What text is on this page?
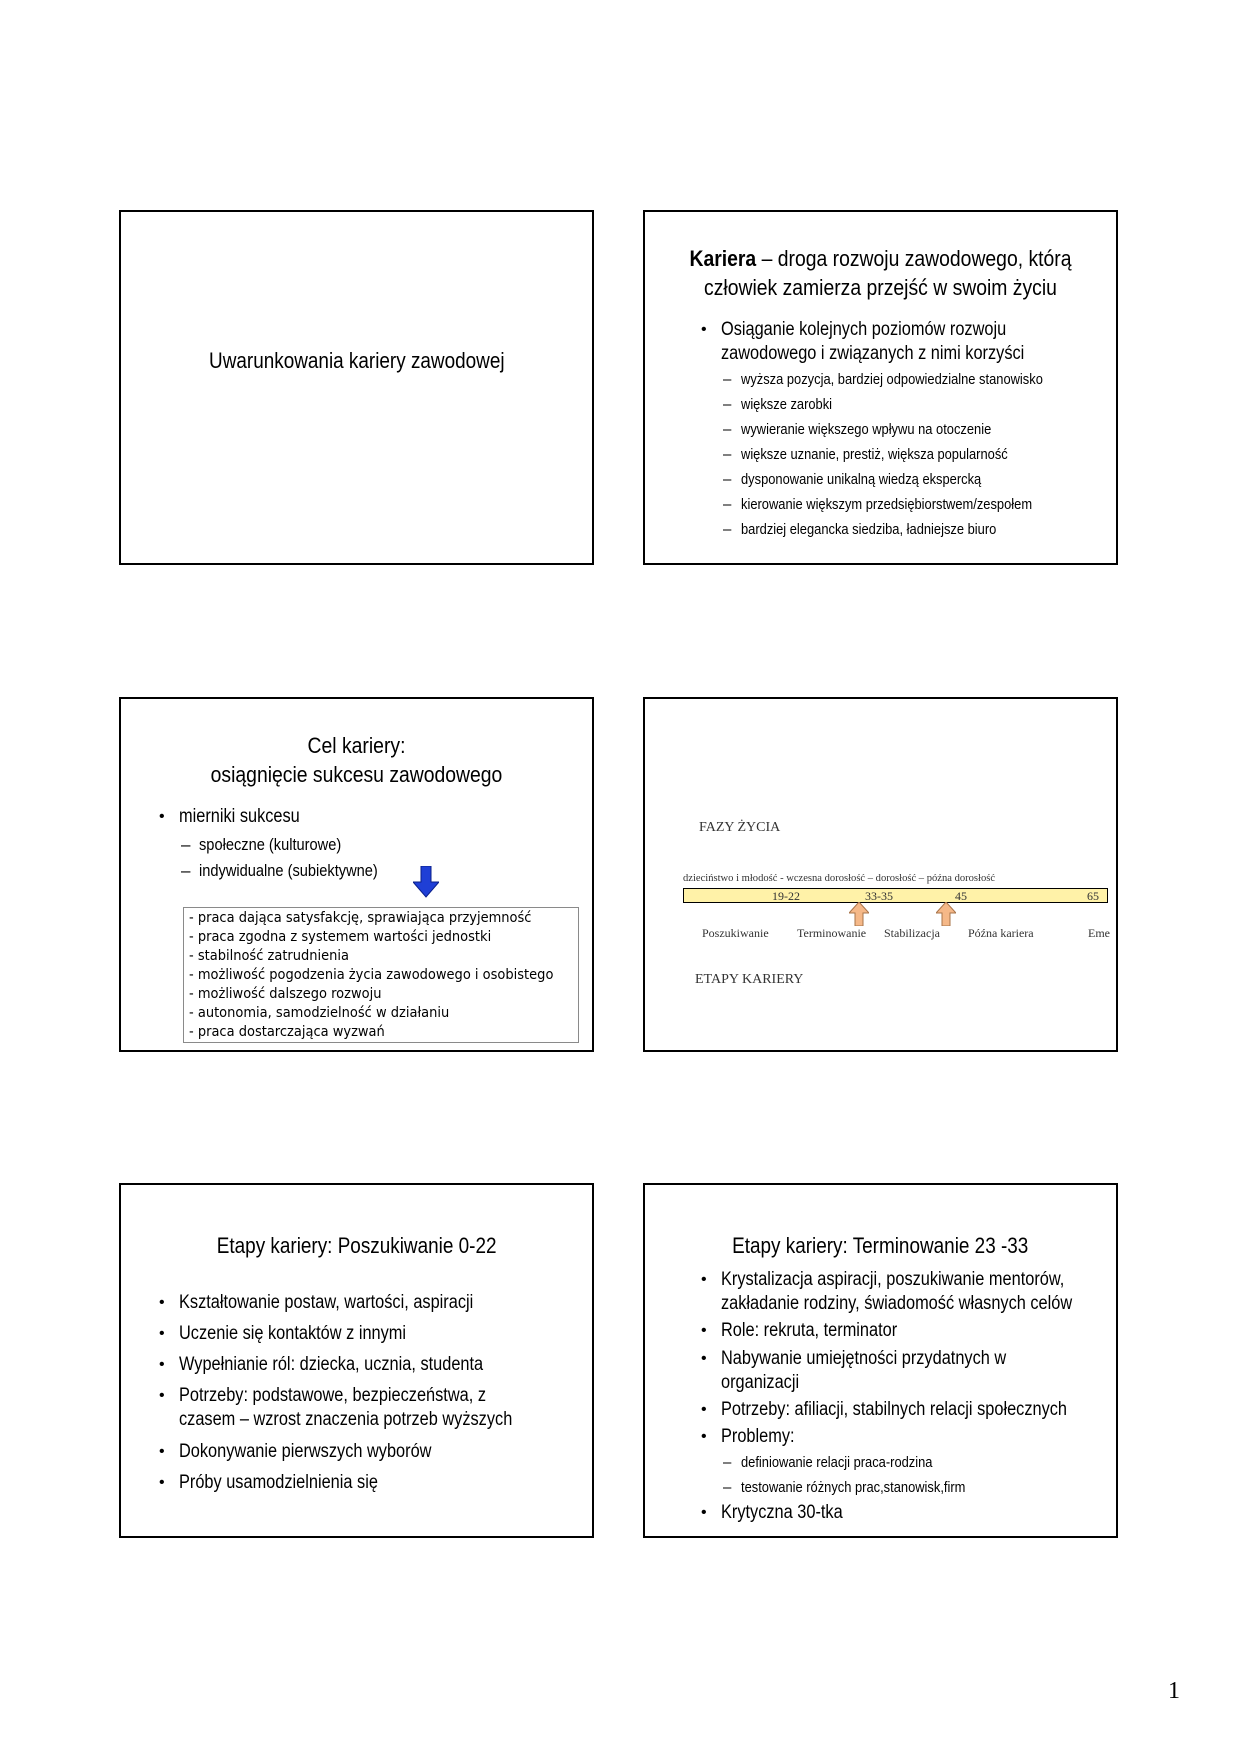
Uwarunkowania kariery zawodowej
Kariera – droga rozwoju zawodowego, którą
człowiek zamierza przejść w swoim życiu
• Osiąganie kolejnych poziomów rozwoju
zawodowego i związanych z nimi korzyści
– wyższa pozycja, bardziej odpowiedzialne stanowisko
– większe zarobki
– wywieranie większego wpływu na otoczenie
– większe uznanie, prestiż, większa popularność
– dysponowanie unikalną wiedzą ekspercką
– kierowanie większym przedsiębiorstwem/zespołem
– bardziej elegancka siedziba, ładniejsze biuro
Cel kariery:
osiągnięcie sukcesu zawodowego
• mierniki sukcesu
– społeczne (kulturowe)
– indywidualne (subiektywne)
- praca dająca satysfakcję, sprawiająca przyjemność
- praca zgodna z systemem wartości jednostki
- stabilność zatrudnienia
- możliwość pogodzenia życia zawodowego i osobistego
- możliwość dalszego rozwoju
- autonomia, samodzielność w działaniu
- praca dostarczająca wyzwań
FAZY ŻYCIA
dzieciństwo i młodość - wczesna dorosłość – dorosłość – późna dorosłość
19-22	33-35	45	65
Poszukiwanie Terminowanie Stabilizacja Późna kariera	Eme
ETAPY KARIERY
Etapy kariery: Poszukiwanie 0-22
• Kształtowanie postaw, wartości, aspiracji
• Uczenie się kontaktów z innymi
• Wypełnianie ról: dziecka, ucznia, studenta
• Potrzeby: podstawowe, bezpieczeństwa, z
czasem – wzrost znaczenia potrzeb wyższych
• Dokonywanie pierwszych wyborów
• Próby usamodzielnienia się
Etapy kariery: Terminowanie 23 -33
• Krystalizacja aspiracji, poszukiwanie mentorów,
zakładanie rodziny, świadomość własnych celów
• Role: rekruta, terminator
• Nabywanie umiejętności przydatnych w
organizacji
• Potrzeby: afiliacji, stabilnych relacji społecznych
• Problemy:
– definiowanie relacji praca-rodzina
– testowanie różnych prac,stanowisk,firm
• Krytyczna 30-tka
1
